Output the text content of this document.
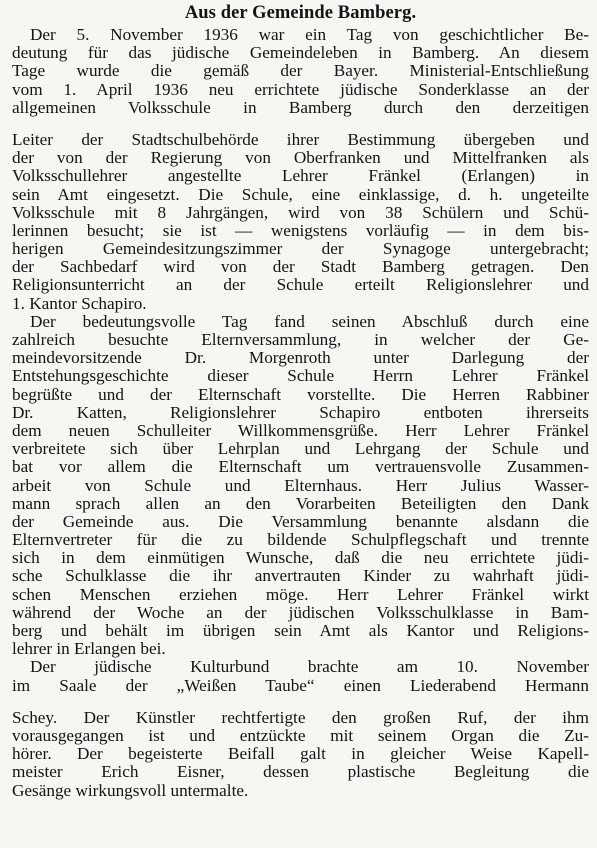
Aus der Gemeinde Bamberg.
Der 5. November 1936 war ein Tag von geschichtlicher Be-
deutung für das jüdische Gemeindeleben in Bamberg. An diesem
Tage wurde die gemäß der Bayer. Ministerial-Entschließung
vom 1. April 1936 neu errichtete jüdische Sonderklasse an der
allgemeinen Volksschule in Bamberg durch den derzeitigen
Leiter der Stadtschulbehörde ihrer Bestimmung übergeben und
der von der Regierung von Oberfranken und Mittelfranken als
Volksschullehrer angestellte Lehrer Fränkel (Erlangen) in
sein Amt eingesetzt. Die Schule, eine einklassige, d. h. ungeteilte
Volksschule mit 8 Jahrgängen, wird von 38 Schülern und Schü-
lerinnen besucht; sie ist — wenigstens vorläufig — in dem bis-
herigen Gemeindesitzungszimmer der Synagoge untergebracht;
der Sachbedarf wird von der Stadt Bamberg getragen. Den
Religionsunterricht an der Schule erteilt Religionslehrer und
1. Kantor Schapiro.
Der bedeutungsvolle Tag fand seinen Abschluß durch eine
zahlreich besuchte Elternversammlung, in welcher der Ge-
meindevorsitzende Dr. Morgenroth unter Darlegung der
Entstehungsgeschichte dieser Schule Herrn Lehrer Fränkel
begrüßte und der Elternschaft vorstellte. Die Herren Rabbiner
Dr. Katten, Religionslehrer Schapiro entboten ihrerseits
dem neuen Schulleiter Willkommensgrüße. Herr Lehrer Fränkel
verbreitete sich über Lehrplan und Lehrgang der Schule und
bat vor allem die Elternschaft um vertrauensvolle Zusammen-
arbeit von Schule und Elternhaus. Herr Julius Wasser-
mann sprach allen an den Vorarbeiten Beteiligten den Dank
der Gemeinde aus. Die Versammlung benannte alsdann die
Elternvertreter für die zu bildende Schulpflegschaft und trennte
sich in dem einmütigen Wunsche, daß die neu errichtete jüdi-
sche Schulklasse die ihr anvertrauten Kinder zu wahrhaft jüdi-
schen Menschen erziehen möge. Herr Lehrer Fränkel wirkt
während der Woche an der jüdischen Volksschulklasse in Bam-
berg und behält im übrigen sein Amt als Kantor und Religions-
lehrer in Erlangen bei.
Der jüdische Kulturbund brachte am 10. November
im Saale der „Weißen Taube“ einen Liederabend Hermann
Schey. Der Künstler rechtfertigte den großen Ruf, der ihm
vorausgegangen ist und entzückte mit seinem Organ die Zu-
hörer. Der begeisterte Beifall galt in gleicher Weise Kapell-
meister Erich Eisner, dessen plastische Begleitung die
Gesänge wirkungsvoll untermalte.
